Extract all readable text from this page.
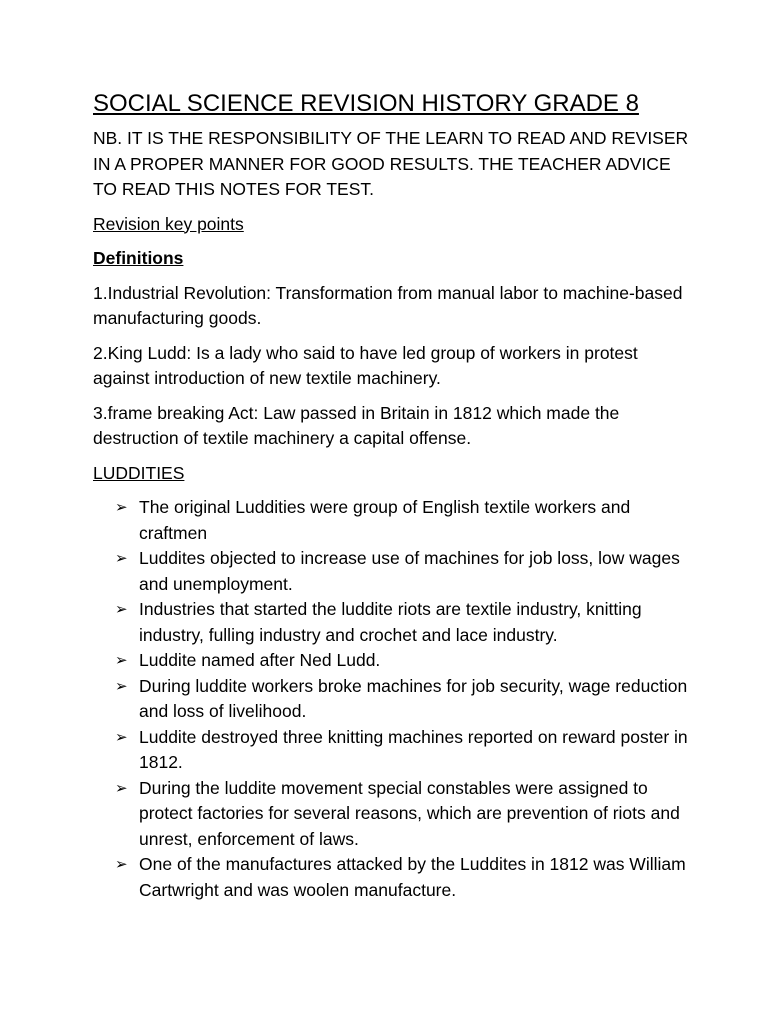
SOCIAL SCIENCE REVISION HISTORY GRADE 8

NB. IT IS THE RESPONSIBILITY OF THE LEARN TO READ AND REVISER IN A PROPER MANNER FOR GOOD RESULTS. THE TEACHER ADVICE TO READ THIS NOTES FOR TEST.

Revision key points

Definitions

1.Industrial Revolution: Transformation from manual labor to machine-based manufacturing goods.

2.King Ludd: Is a lady who said to have led group of workers in protest against introduction of new textile machinery.

3.frame breaking Act: Law passed in Britain in 1812 which made the destruction of textile machinery a capital offense.

LUDDITIES

➢ The original Luddities were group of English textile workers and craftmen
➢ Luddites objected to increase use of machines for job loss, low wages and unemployment.
➢ Industries that started the luddite riots are textile industry, knitting industry, fulling industry and crochet and lace industry.
➢ Luddite named after Ned Ludd.
➢ During luddite workers broke machines for job security, wage reduction and loss of livelihood.
➢ Luddite destroyed three knitting machines reported on reward poster in 1812.
➢ During the luddite movement special constables were assigned to protect factories for several reasons, which are prevention of riots and unrest, enforcement of laws.
➢ One of the manufactures attacked by the Luddites in 1812 was William Cartwright and was woolen manufacture.
